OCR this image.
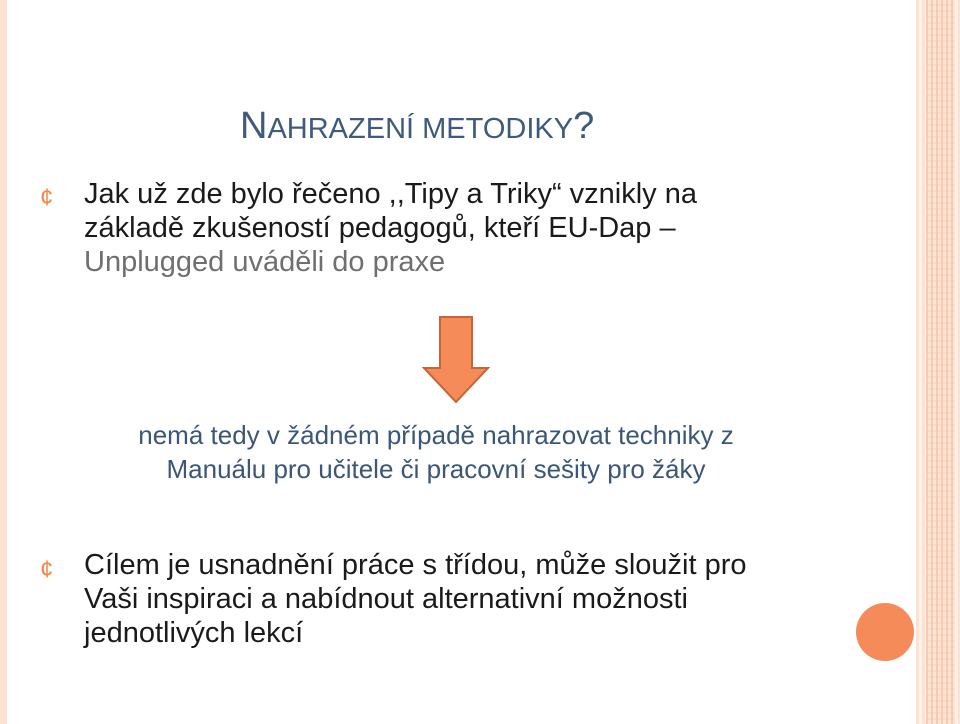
NAHRAZENÍ METODIKY?
¢ Jak už zde bylo řečeno ,,Tipy a Triky“ vznikly na
základě zkušeností pedagogů, kteří EU-Dap –
Unplugged uváděli do praxe
nemá tedy v žádném případě nahrazovat techniky z
Manuálu pro učitele či pracovní sešity pro žáky
¢ Cílem je usnadnění práce s třídou, může sloužit pro
Vaši inspiraci a nabídnout alternativní možnosti
jednotlivých lekcí
